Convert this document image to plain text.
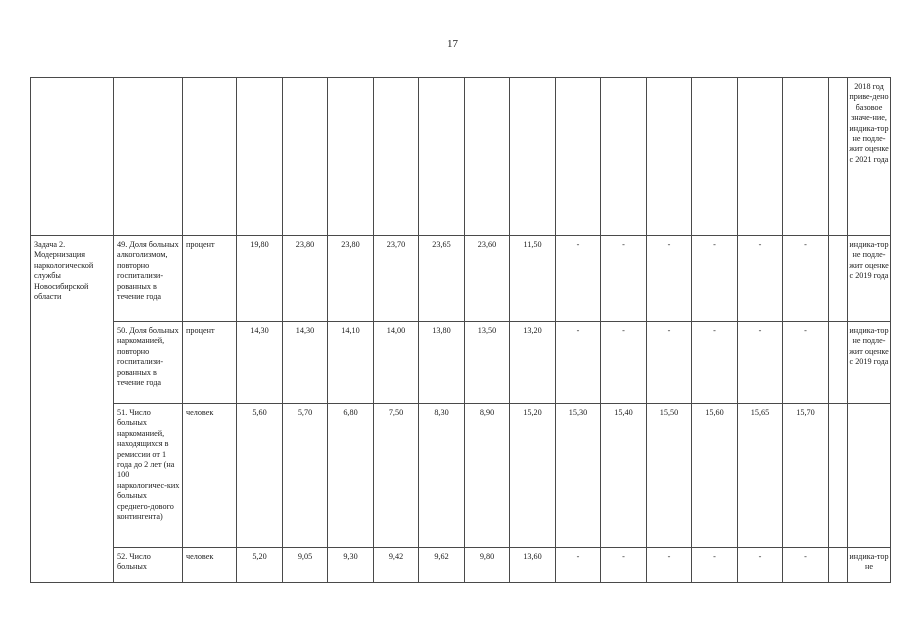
17
																	2018 год приве-дено базовое значе-ние, индика-тор не подле-жит оценке с 2021 года
Задача 2. Модернизация наркологической службы Новосибирской области	49. Доля больных алкоголизмом, повторно госпитализи-рованных в течение года	процент	19,80	23,80	23,80	23,70	23,65	23,60	11,50	-	-	-	-	-	-		индика-тор не подле-жит оценке с 2019 года
	50. Доля больных наркоманией, повторно госпитализи-рованных в течение года	процент	14,30	14,30	14,10	14,00	13,80	13,50	13,20	-	-	-	-	-	-		индика-тор не подле-жит оценке с 2019 года
	51. Число больных наркоманией, находящихся в ремиссии от 1 года до 2 лет (на 100 наркологичес-ких больных среднего-дового контингента)	человек	5,60	5,70	6,80	7,50	8,30	8,90	15,20	15,30	15,40	15,50	15,60	15,65	15,70		
	52. Число больных	человек	5,20	9,05	9,30	9,42	9,62	9,80	13,60	-	-	-	-	-	-		индика-тор не
